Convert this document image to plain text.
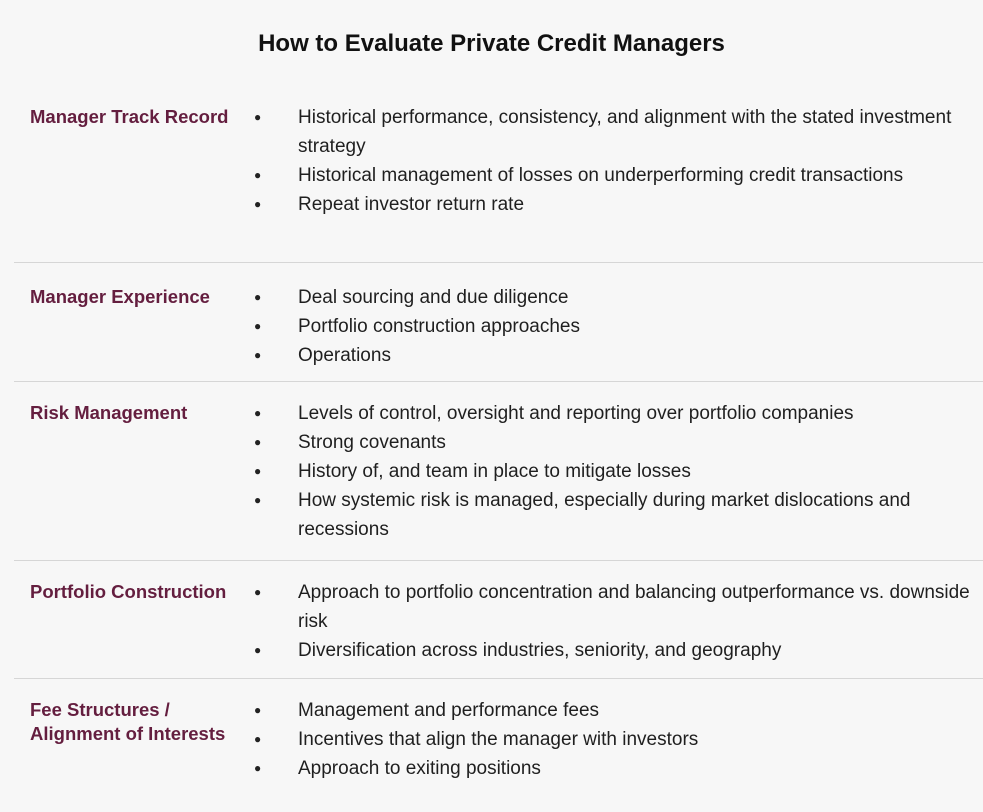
How to Evaluate Private Credit Managers
Manager Track Record	● Historical performance, consistency, and alignment with the stated investment strategy
● Historical management of losses on underperforming credit transactions
● Repeat investor return rate
Manager Experience	● Deal sourcing and due diligence
● Portfolio construction approaches
● Operations
Risk Management	● Levels of control, oversight and reporting over portfolio companies
● Strong covenants
● History of, and team in place to mitigate losses
● How systemic risk is managed, especially during market dislocations and recessions
Portfolio Construction	● Approach to portfolio concentration and balancing outperformance vs. downside risk
● Diversification across industries, seniority, and geography
Fee Structures / Alignment of Interests
● Management and performance fees
● Incentives that align the manager with investors
● Approach to exiting positions
